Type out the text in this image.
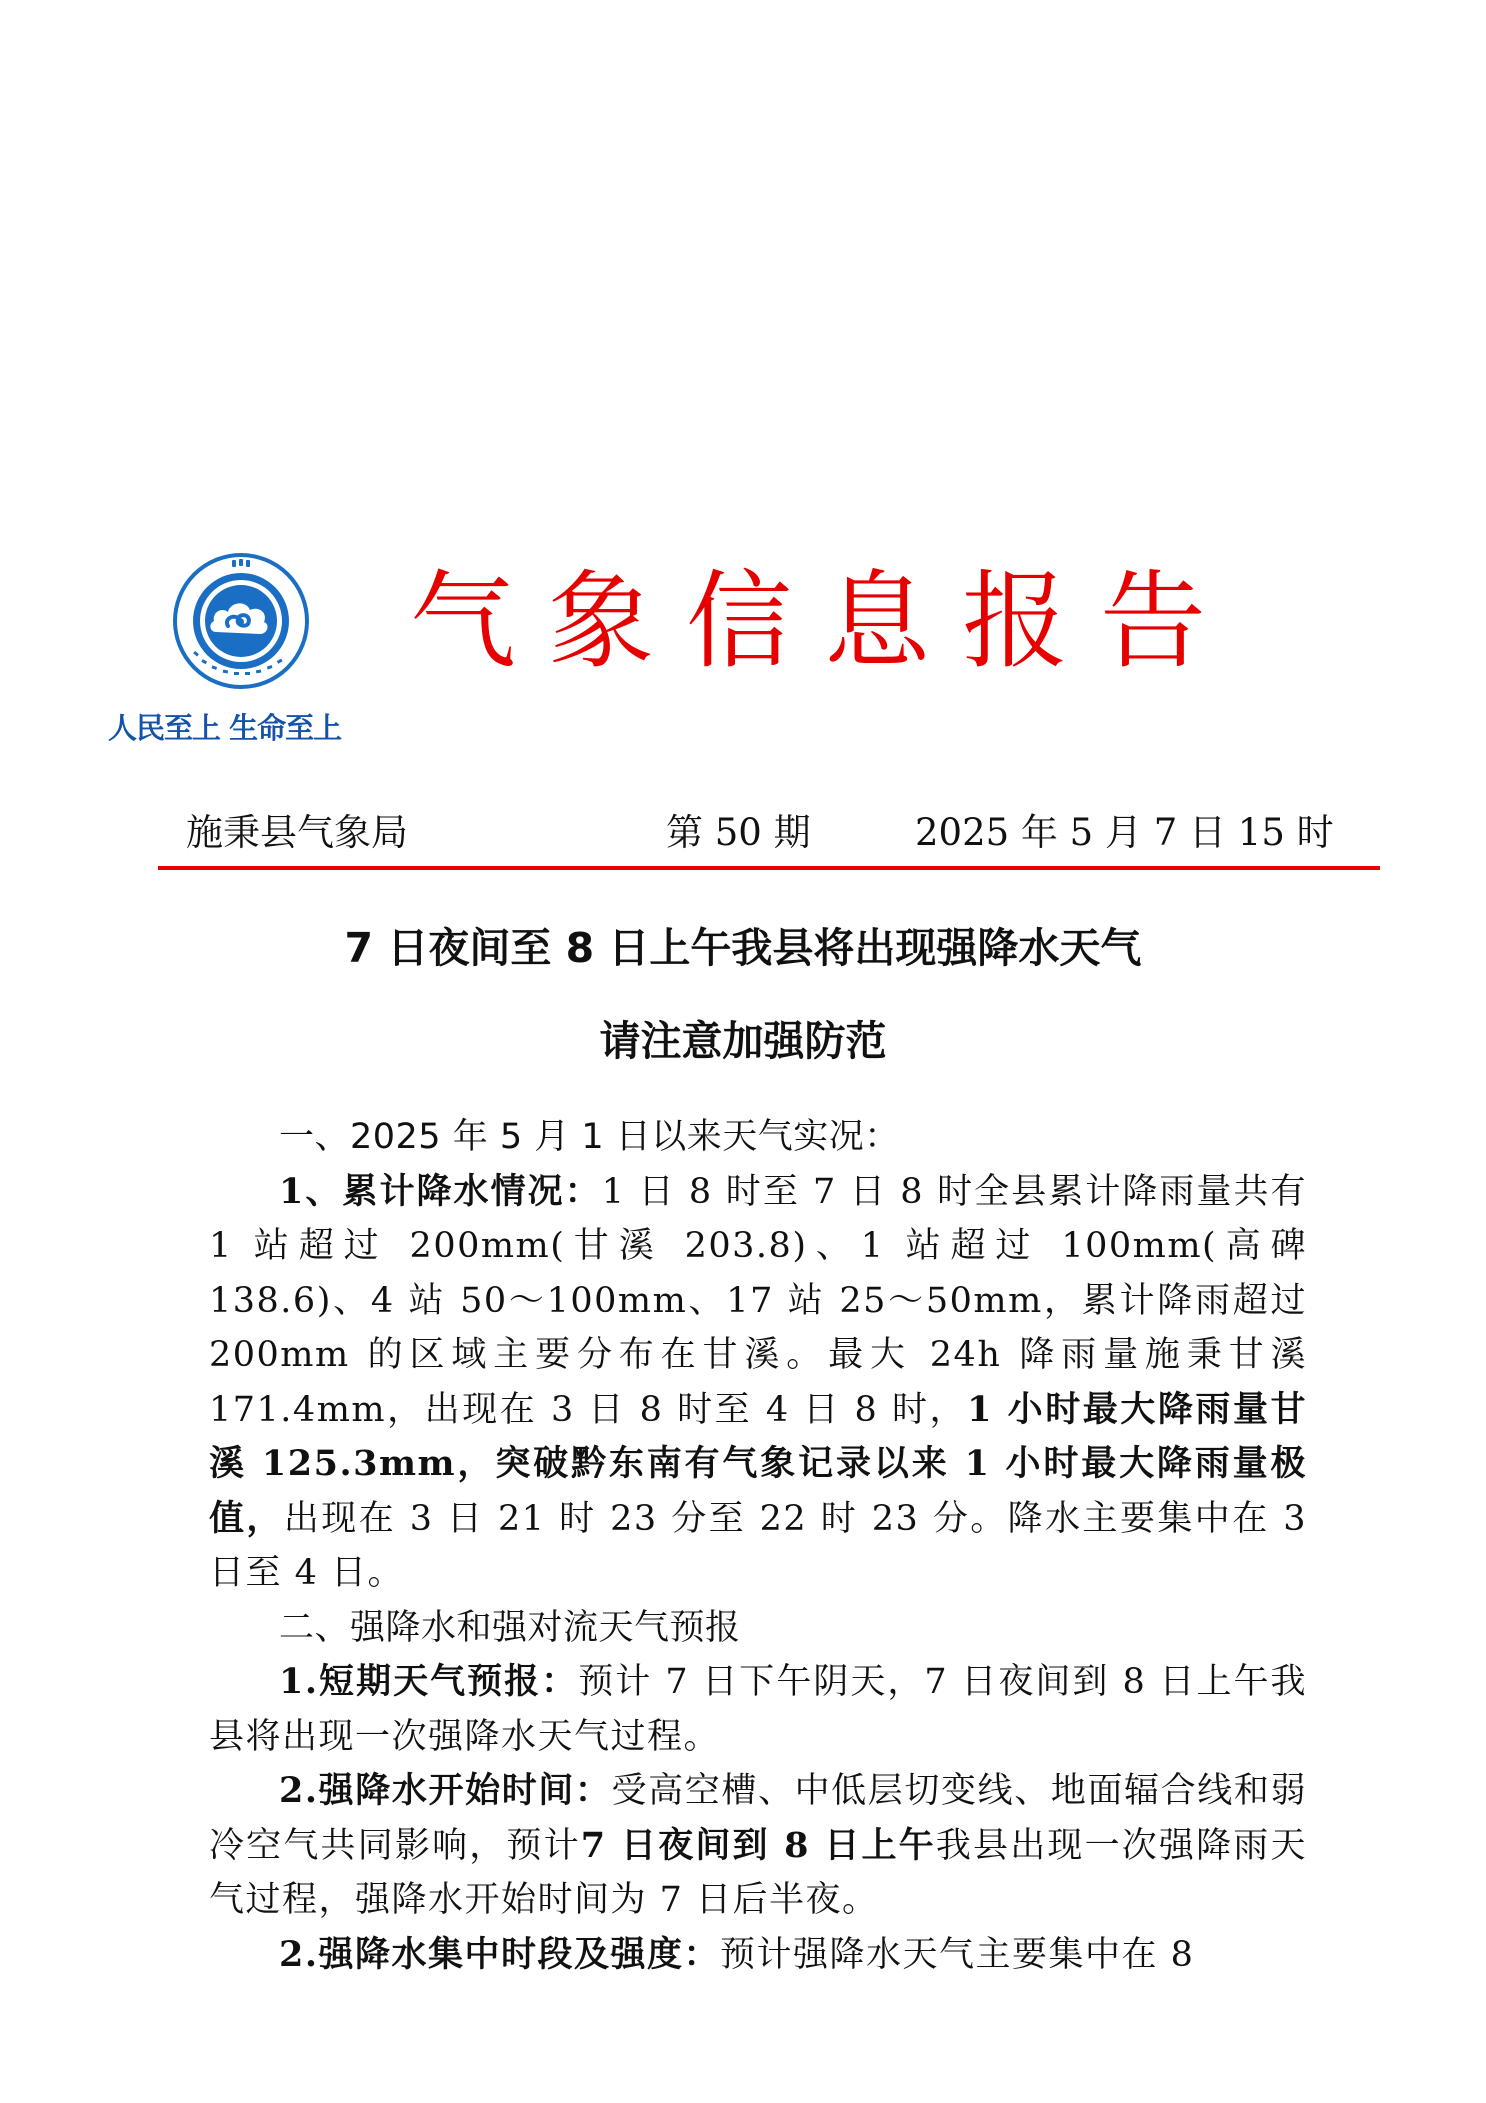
人民至上 生命至上
气象信息报告
施秉县气象局	第 50 期	2025 年 5 月 7 日 15 时
7 日夜间至 8 日上午我县将出现强降水天气
请注意加强防范
一、2025 年 5 月 1 日以来天气实况：

1、累计降水情况：1 日 8 时至 7 日 8 时全县累计降雨量共有 1 站超过 200mm(甘溪 203.8)、1 站超过 100mm(高碑 138.6)、4 站 50～100mm、17 站 25～50mm，累计降雨超过 200mm 的区域主要分布在甘溪。最大 24h 降雨量施秉甘溪 171.4mm，出现在 3 日 8 时至 4 日 8 时，1 小时最大降雨量甘溪 125.3mm，突破黔东南有气象记录以来 1 小时最大降雨量极值，出现在 3 日 21 时 23 分至 22 时 23 分。降水主要集中在 3 日至 4 日。

二、强降水和强对流天气预报

1.短期天气预报：预计 7 日下午阴天，7 日夜间到 8 日上午我县将出现一次强降水天气过程。

2.强降水开始时间：受高空槽、中低层切变线、地面辐合线和弱冷空气共同影响，预计7 日夜间到 8 日上午我县出现一次强降雨天气过程，强降水开始时间为 7 日后半夜。

2.强降水集中时段及强度：预计强降水天气主要集中在 8
